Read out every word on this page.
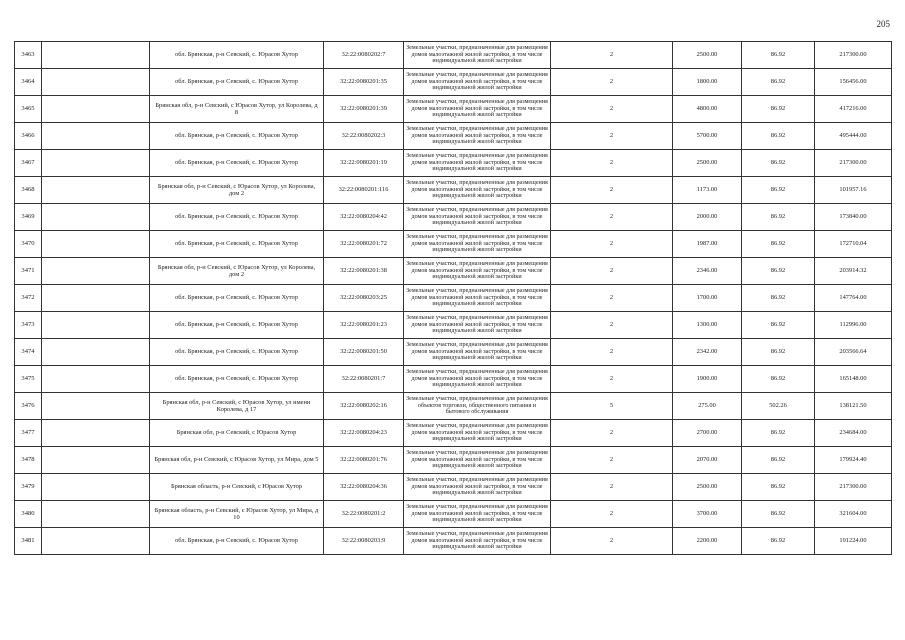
205
3463		обл. Брянская, р-н Севский, с. Юрасов Хутор	32:22:0080202:7	Земельные участки, предназначенные для размещения домов малоэтажной жилой застройки, в том числе индивидуальной жилой застройки	2	2500.00	86.92	217300.00
3464		обл. Брянская, р-н Севский, с. Юрасов Хутор	32:22:0080201:35	Земельные участки, предназначенные для размещения домов малоэтажной жилой застройки, в том числе индивидуальной жилой застройки	2	1800.00	86.92	156456.00
3465		Брянская обл, р-н Севский, с Юрасов Хутор, ул Королева, д 8	32:22:0080201:39	Земельные участки, предназначенные для размещения домов малоэтажной жилой застройки, в том числе индивидуальной жилой застройки	2	4800.00	86.92	417216.00
3466		обл. Брянская, р-н Севский, с. Юрасов Хутор	32:22:0080202:3	Земельные участки, предназначенные для размещения домов малоэтажной жилой застройки, в том числе индивидуальной жилой застройки	2	5700.00	86.92	495444.00
3467		обл. Брянская, р-н Севский, с. Юрасов Хутор	32:22:0080201:19	Земельные участки, предназначенные для размещения домов малоэтажной жилой застройки, в том числе индивидуальной жилой застройки	2	2500.00	86.92	217300.00
3468		Брянская обл, р-н Севский, с Юрасов Хутор, ул Королева, дом 2	32:22:0080201:116	Земельные участки, предназначенные для размещения домов малоэтажной жилой застройки, в том числе индивидуальной жилой застройки	2	1173.00	86.92	101957.16
3469		обл. Брянская, р-н Севский, с. Юрасов Хутор	32:22:0080204:42	Земельные участки, предназначенные для размещения домов малоэтажной жилой застройки, в том числе индивидуальной жилой застройки	2	2000.00	86.92	173840.00
3470		обл. Брянская, р-н Севский, с. Юрасов Хутор	32:22:0080201:72	Земельные участки, предназначенные для размещения домов малоэтажной жилой застройки, в том числе индивидуальной жилой застройки	2	1987.00	86.92	172710.04
3471		Брянская обл, р-н Севский, с Юрасов Хутор, ул Королева, дом 2	32:22:0080201:38	Земельные участки, предназначенные для размещения домов малоэтажной жилой застройки, в том числе индивидуальной жилой застройки	2	2346.00	86.92	203914.32
3472		обл. Брянская, р-н Севский, с. Юрасов Хутор	32:22:0080203:25	Земельные участки, предназначенные для размещения домов малоэтажной жилой застройки, в том числе индивидуальной жилой застройки	2	1700.00	86.92	147764.00
3473		обл. Брянская, р-н Севский, с. Юрасов Хутор	32:22:0080201:23	Земельные участки, предназначенные для размещения домов малоэтажной жилой застройки, в том числе индивидуальной жилой застройки	2	1300.00	86.92	112996.00
3474		обл. Брянская, р-н Севский, с. Юрасов Хутор	32:22:0080201:50	Земельные участки, предназначенные для размещения домов малоэтажной жилой застройки, в том числе индивидуальной жилой застройки	2	2342.00	86.92	203566.64
3475		обл. Брянская, р-н Севский, с. Юрасов Хутор	32:22:0080201:7	Земельные участки, предназначенные для размещения домов малоэтажной жилой застройки, в том числе индивидуальной жилой застройки	2	1900.00	86.92	165148.00
3476		Брянская обл, р-н Севский, с Юрасов Хутор, ул имени Королева, д 17	32:22:0080202:16	Земельные участки, предназначенные для размещения объектов торговли, общественного питания и бытового обслуживания	5	275.00	502.26	138121.50
3477		Брянская обл, р-н Севский, с Юрасов Хутор	32:22:0080204:23	Земельные участки, предназначенные для размещения домов малоэтажной жилой застройки, в том числе индивидуальной жилой застройки	2	2700.00	86.92	234684.00
3478		Брянская обл, р-н Севский, с Юрасов Хутор, ул Мира, дом 5	32:22:0080201:76	Земельные участки, предназначенные для размещения домов малоэтажной жилой застройки, в том числе индивидуальной жилой застройки	2	2070.00	86.92	179924.40
3479		Брянская область, р-н Севский, с Юрасов Хутор	32:22:0080204:36	Земельные участки, предназначенные для размещения домов малоэтажной жилой застройки, в том числе индивидуальной жилой застройки	2	2500.00	86.92	217300.00
3480		Брянская область, р-н Севский, с Юрасов Хутор, ул Мира, д 10	32:22:0080201:2	Земельные участки, предназначенные для размещения домов малоэтажной жилой застройки, в том числе индивидуальной жилой застройки	2	3700.00	86.92	321604.00
3481		обл. Брянская, р-н Севский, с. Юрасов Хутор	32:22:0080203:9	Земельные участки, предназначенные для размещения домов малоэтажной жилой застройки, в том числе индивидуальной жилой застройки	2	2200.00	86.92	191224.00
